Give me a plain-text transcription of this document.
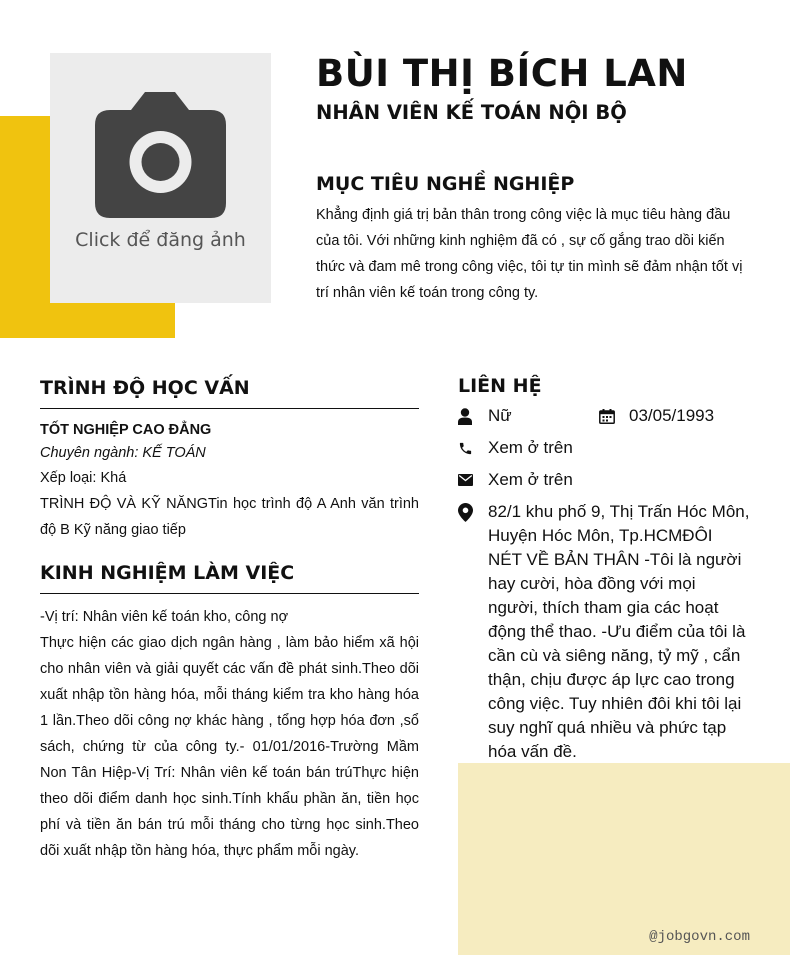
Click để đăng ảnh
BÙI THỊ BÍCH LAN
NHÂN VIÊN KẾ TOÁN NỘI BỘ
MỤC TIÊU NGHỀ NGHIỆP
Khẳng định giá trị bản thân trong công việc là mục tiêu hàng đầu của tôi. Với những kinh nghiệm đã có , sự cố gắng trao dồi kiến thức và đam mê trong công việc, tôi tự tin mình sẽ đảm nhận tốt vị trí nhân viên kế toán trong công ty.
TRÌNH ĐỘ HỌC VẤN
TỐT NGHIỆP CAO ĐẲNG
Chuyên ngành: KẾ TOÁN
Xếp loại: Khá
TRÌNH ĐỘ VÀ KỸ NĂNGTin học trình độ A Anh văn trình độ B Kỹ năng giao tiếp
KINH NGHIỆM LÀM VIỆC
-Vị trí: Nhân viên kế toán kho, công nợ
Thực hiện các giao dịch ngân hàng , làm bảo hiểm xã hội cho nhân viên và giải quyết các vấn đề phát sinh.Theo dõi xuất nhập tồn hàng hóa, mỗi tháng kiểm tra kho hàng hóa 1 lần.Theo dõi công nợ khác hàng , tổng hợp hóa đơn ,sổ sách, chứng từ của công ty.- 01/01/2016-Trường Mầm Non Tân Hiệp-Vị Trí: Nhân viên kế toán bán trúThực hiện theo dõi điểm danh học sinh.Tính khẩu phần ăn, tiền học phí và tiền ăn bán trú mỗi tháng cho từng học sinh.Theo dõi xuất nhập tồn hàng hóa, thực phẩm mỗi ngày.
LIÊN HỆ
Nữ	03/05/1993
Xem ở trên
Xem ở trên
82/1 khu phố 9, Thị Trấn Hóc Môn, Huyện Hóc Môn, Tp.HCMĐÔI NÉT VỀ BẢN THÂN -Tôi là người hay cười, hòa đồng với mọi người, thích tham gia các hoạt động thể thao. -Ưu điểm của tôi là cần cù và siêng năng, tỷ mỹ , cẩn thận, chịu được áp lực cao trong công việc. Tuy nhiên đôi khi tôi lại suy nghĩ quá nhiều và phức tạp hóa vấn đề.
@jobgovn.com
